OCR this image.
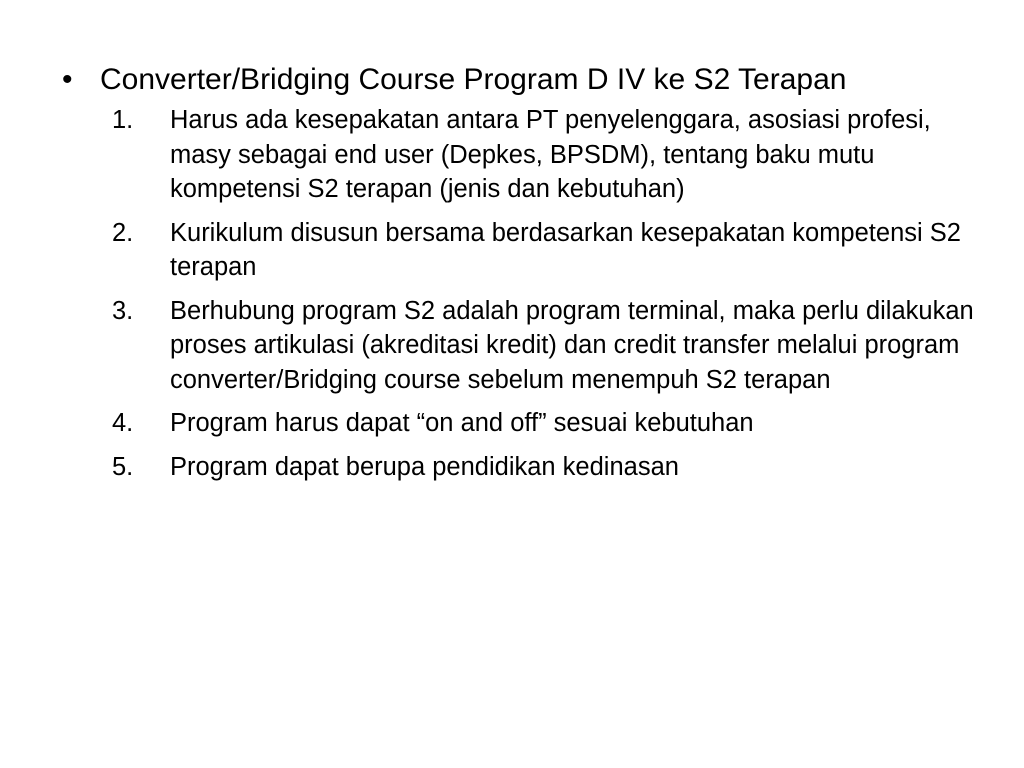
• Converter/Bridging Course Program D IV ke S2 Terapan
1.	Harus ada kesepakatan antara PT penyelenggara, asosiasi profesi, masy sebagai end user (Depkes, BPSDM), tentang baku mutu kompetensi S2 terapan (jenis dan kebutuhan)
2.	Kurikulum disusun bersama berdasarkan kesepakatan kompetensi S2 terapan
3.	Berhubung program S2 adalah program terminal, maka perlu dilakukan proses artikulasi (akreditasi kredit) dan credit transfer melalui program converter/Bridging course sebelum menempuh S2 terapan
4.	Program harus dapat “on and off” sesuai kebutuhan
5.	Program dapat berupa pendidikan kedinasan
